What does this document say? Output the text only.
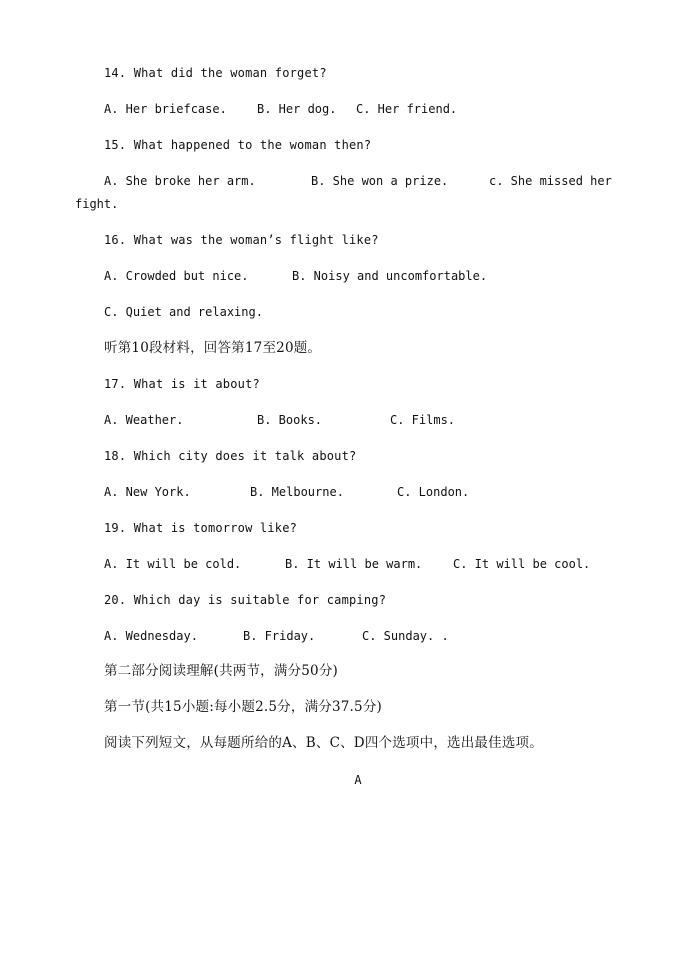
14. What did the woman forget?
A. Her briefcase.	B. Her dog. C. Her friend.
15. What happened to the woman then?
A. She broke her arm.	B. She won a prize.	c. She missed her
fight.
16. What was the woman’s flight like?
A. Crowded but nice.	B. Noisy and uncomfortable.
C. Quiet and relaxing.
听第10段材料，回答第17至20题。
17. What is it about?
A. Weather.	B. Books.	C. Films.
18. Which city does it talk about?
A. New York.	B. Melbourne.	C. London.
19. What is tomorrow like?
A. It will be cold.	B. It will be warm.	C. It will be cool.
20. Which day is suitable for camping?
A. Wednesday.	B. Friday.	C. Sunday. .
第二部分阅读理解(共两节，满分50分)
第一节(共15小题:每小题2.5分，满分37.5分)
阅读下列短文，从每题所给的A、B、C、D四个选项中，选出最佳选项。
A
